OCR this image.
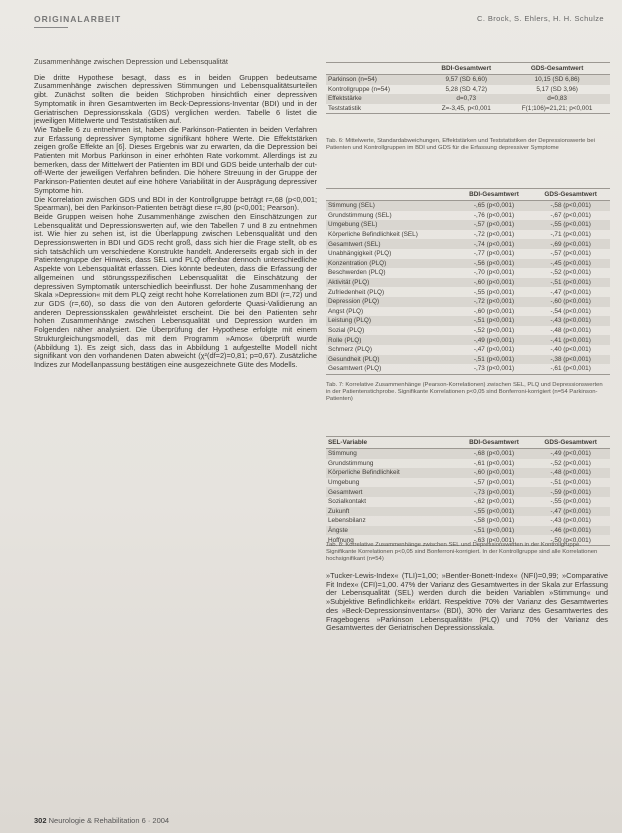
ORIGINALARBEIT	C. Brock, S. Ehlers, H. H. Schulze
Zusammenhänge zwischen Depression und Lebensqualität

Die dritte Hypothese besagt, dass es in beiden Gruppen bedeutsame Zusammenhänge zwischen depressiven Stimmungen und Lebensqualitätsurteilen gibt. Zunächst sollten die beiden Stichproben hinsichtlich einer depressiven Symptomatik in ihren Gesamtwerten im Beck-Depressions-Inventar (BDI) und in der Geriatrischen Depressionsskala (GDS) verglichen werden. Tabelle 6 listet die jeweiligen Mittelwerte und Teststatistiken auf.

Wie Tabelle 6 zu entnehmen ist, haben die Parkinson-Patienten in beiden Verfahren zur Erfassung depressiver Symptome signifikant höhere Werte. Die Effektstärken zeigen große Effekte an [6]. Dieses Ergebnis war zu erwarten, da die Depression bei Patienten mit Morbus Parkinson in einer erhöhten Rate vorkommt. Allerdings ist zu bemerken, dass der Mittelwert der Patienten im BDI und GDS beide unterhalb der cut-off-Werte der jeweiligen Verfahren befinden. Die höhere Streuung in der Gruppe der Parkinson-Patienten deutet auf eine höhere Variabilität in der Ausprägung depressiver Symptome hin.

Die Korrelation zwischen GDS und BDI in der Kontrollgruppe beträgt r=,68 (p<0,001; Spearman), bei den Parkinson-Patienten beträgt diese r=,80 (p<0,001; Pearson).

Beide Gruppen weisen hohe Zusammenhänge zwischen den Einschätzungen zur Lebensqualität und Depressionswerten auf, wie den Tabellen 7 und 8 zu entnehmen ist. Wie hier zu sehen ist, ist die Überlappung zwischen Lebensqualität und den Depressionswerten in BDI und GDS recht groß, dass sich hier die Frage stellt, ob es sich tatsächlich um verschiedene Konstrukte handelt. Andererseits ergab sich in der Patientengruppe der Hinweis, dass SEL und PLQ offenbar dennoch unterschiedliche Aspekte von Lebensqualität erfassen. Dies könnte bedeuten, dass die Erfassung der allgemeinen und störungsspezifischen Lebensqualität die Einschätzung der depressiven Symptomatik unterschiedlich beeinflusst. Der hohe Zusammenhang der Skala »Depression« mit dem PLQ zeigt recht hohe Korrelationen zum BDI (r=,72) und zur GDS (r=,60), so dass die von den Autoren geforderte Quasi-Validierung an anderen Depressionsskalen gewährleistet erscheint. Die bei den Patienten sehr hohen Zusammenhänge zwischen Lebensqualität und Depression wurden im Folgenden näher analysiert. Die Überprüfung der Hypothese erfolgte mit einem Strukturgleichungsmodell, das mit dem Programm »Amos« überprüft wurde (Abbildung 1). Es zeigt sich, dass das in Abbildung 1 aufgestellte Modell nicht signifikant von den vorhandenen Daten abweicht (χ²(df=2)=0,81; p=0,67). Zusätzliche Indizes zur Modellanpassung bestätigen eine ausgezeichnete Güte des Modells.

	BDI-Gesamtwert	GDS-Gesamtwert
Parkinson (n=54)	9,57 (SD 6,60)	10,15 (SD 6,86)
Kontrollgruppe (n=54)	5,28 (SD 4,72)	5,17 (SD 3,96)
Effektstärke	d=0,73	d=0,83
Teststatistik	Z=-3,45, p<0,001	F(1;106)=21,21; p<0,001
Tab. 6: Mittelwerte, Standardabweichungen, Effektstärken und Teststatistiken der Depressionswerte bei Patienten und Kontrollgruppen im BDI und GDS für die Erfassung depressiver Symptome
	BDI-Gesamtwert	GDS-Gesamtwert
Stimmung (SEL)	-,65 (p<0,001)	-,58 (p<0,001)
Grundstimmung (SEL)	-,76 (p<0,001)	-,67 (p<0,001)
Umgebung (SEL)	-,57 (p<0,001)	-,55 (p<0,001)
Körperliche Befindlichkeit (SEL)	-,72 (p<0,001)	-,71 (p<0,001)
Gesamtwert (SEL)	-,74 (p<0,001)	-,69 (p<0,001)
Unabhängigkeit (PLQ)	-,77 (p<0,001)	-,57 (p<0,001)
Konzentration (PLQ)	-,56 (p<0,001)	-,45 (p<0,001)
Beschwerden (PLQ)	-,70 (p<0,001)	-,52 (p<0,001)
Aktivität (PLQ)	-,60 (p<0,001)	-,51 (p<0,001)
Zufriedenheit (PLQ)	-,55 (p<0,001)	-,47 (p<0,001)
Depression (PLQ)	-,72 (p<0,001)	-,60 (p<0,001)
Angst (PLQ)	-,60 (p<0,001)	-,54 (p<0,001)
Leistung (PLQ)	-,51 (p<0,001)	-,43 (p<0,001)
Sozial (PLQ)	-,52 (p<0,001)	-,48 (p<0,001)
Rolle (PLQ)	-,49 (p<0,001)	-,41 (p<0,001)
Schmerz (PLQ)	-,47 (p<0,001)	-,40 (p<0,001)
Gesundheit (PLQ)	-,51 (p<0,001)	-,38 (p<0,001)
Gesamtwert (PLQ)	-,73 (p<0,001)	-,61 (p<0,001)
Tab. 7: Korrelative Zusammenhänge (Pearson-Korrelationen) zwischen SEL, PLQ und Depressionswerten in der Patientenstichprobe. Signifikante Korrelationen p<0,05 sind Bonferroni-korrigiert (n=54 Parkinson-Patienten)
SEL-Variable	BDI-Gesamtwert	GDS-Gesamtwert
Stimmung	-,68 (p<0,001)	-,49 (p<0,001)
Grundstimmung	-,61 (p<0,001)	-,52 (p<0,001)
Körperliche Befindlichkeit	-,60 (p<0,001)	-,48 (p<0,001)
Umgebung	-,57 (p<0,001)	-,51 (p<0,001)
Gesamtwert	-,73 (p<0,001)	-,59 (p<0,001)
Sozialkontakt	-,62 (p<0,001)	-,55 (p<0,001)
Zukunft	-,55 (p<0,001)	-,47 (p<0,001)
Lebensbilanz	-,58 (p<0,001)	-,43 (p<0,001)
Ängste	-,51 (p<0,001)	-,46 (p<0,001)
Hoffnung	-,63 (p<0,001)	-,50 (p<0,001)
Tab. 8: Korrelative Zusammenhänge zwischen SEL und Depressionswerten in der Kontrollgruppe. Signifikante Korrelationen p<0,05 sind Bonferroni-korrigiert. In der Kontrollgruppe sind alle Korrelationen hochsignifikant (n=54)

»Tucker-Lewis-Index« (TLI)=1,00; »Bentler-Bonett-Index« (NFI)=0,99; »Comparative Fit Index« (CFI)=1,00. 47% der Varianz des Gesamtwertes in der Skala zur Erfassung der Lebensqualität (SEL) werden durch die beiden Variablen »Stimmung« und »Subjektive Befindlichkeit« erklärt. Respektive 70% der Varianz des Gesamtwertes des »Beck-Depressionsinventars« (BDI), 30% der Varianz des Gesamtwertes des Fragebogens »Parkinson Lebensqualität« (PLQ) und 70% der Varianz des Gesamtwertes der Geriatrischen Depressionsskala.

302 Neurologie & Rehabilitation 6 · 2004
